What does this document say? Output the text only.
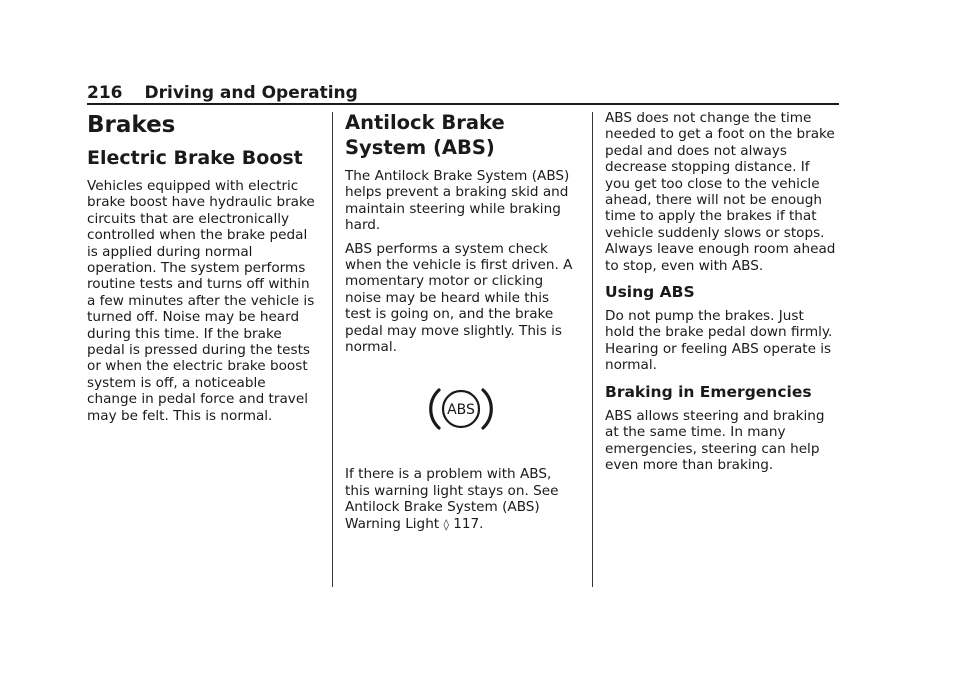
216 Driving and Operating
Brakes
Electric Brake Boost

Vehicles equipped with electric brake boost have hydraulic brake circuits that are electronically controlled when the brake pedal is applied during normal operation. The system performs routine tests and turns off within a few minutes after the vehicle is turned off. Noise may be heard during this time. If the brake pedal is pressed during the tests or when the electric brake boost system is off, a noticeable change in pedal force and travel may be felt. This is normal.

Antilock Brake
System (ABS)

The Antilock Brake System (ABS) helps prevent a braking skid and maintain steering while braking hard.

ABS performs a system check when the vehicle is first driven. A momentary motor or clicking noise may be heard while this test is going on, and the brake pedal may move slightly. This is normal.

ABS

If there is a problem with ABS, this warning light stays on. See Antilock Brake System (ABS) Warning Light ◊ 117.

ABS does not change the time needed to get a foot on the brake pedal and does not always decrease stopping distance. If you get too close to the vehicle ahead, there will not be enough time to apply the brakes if that vehicle suddenly slows or stops. Always leave enough room ahead to stop, even with ABS.

Using ABS

Do not pump the brakes. Just hold the brake pedal down firmly. Hearing or feeling ABS operate is normal.

Braking in Emergencies

ABS allows steering and braking at the same time. In many emergencies, steering can help even more than braking.
